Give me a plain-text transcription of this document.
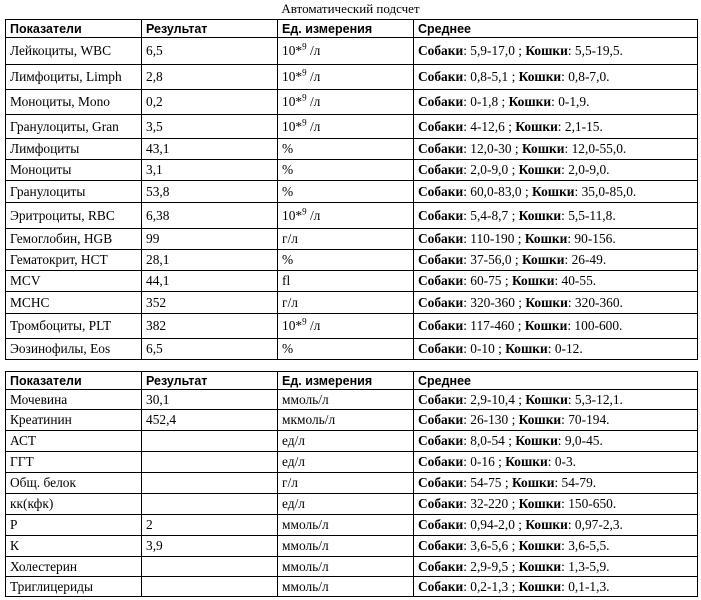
Автоматический подсчет
Показатели	Результат	Ед. измерения	Среднее
Лейкоциты, WBC	6,5	10*$^9$ /л	Собаки: 5,9-17,0 ; Кошки: 5,5-19,5.
Лимфоциты, Limph	2,8	10*$^9$ /л	Собаки: 0,8-5,1 ; Кошки: 0,8-7,0.
Моноциты, Mono	0,2	10*$^9$ /л	Собаки: 0-1,8 ; Кошки: 0-1,9.
Гранулоциты, Gran	3,5	10*$^9$ /л	Собаки: 4-12,6 ; Кошки: 2,1-15.
Лимфоциты	43,1	%	Собаки: 12,0-30 ; Кошки: 12,0-55,0.
Моноциты	3,1	%	Собаки: 2,0-9,0 ; Кошки: 2,0-9,0.
Гранулоциты	53,8	%	Собаки: 60,0-83,0 ; Кошки: 35,0-85,0.
Эритроциты, RBC	6,38	10*$^9$ /л	Собаки: 5,4-8,7 ; Кошки: 5,5-11,8.
Гемоглобин, HGB	99	г/л	Собаки: 110-190 ; Кошки: 90-156.
Гематокрит, HCT	28,1	%	Собаки: 37-56,0 ; Кошки: 26-49.
MCV	44,1	fl	Собаки: 60-75 ; Кошки: 40-55.
MCHC	352	г/л	Собаки: 320-360 ; Кошки: 320-360.
Тромбоциты, PLT	382	10*$^9$ /л	Собаки: 117-460 ; Кошки: 100-600.
Эозинофилы, Eos	6,5	%	Собаки: 0-10 ; Кошки: 0-12.
Показатели	Результат	Ед. измерения	Среднее
Мочевина	30,1	ммоль/л	Собаки: 2,9-10,4 ; Кошки: 5,3-12,1.
Креатинин	452,4	мкмоль/л	Собаки: 26-130 ; Кошки: 70-194.
АСТ		ед/л	Собаки: 8,0-54 ; Кошки: 9,0-45.
ГГТ		ед/л	Собаки: 0-16 ; Кошки: 0-3.
Общ. белок		г/л	Собаки: 54-75 ; Кошки: 54-79.
кк(кфк)		ед/л	Собаки: 32-220 ; Кошки: 150-650.
Р	2	ммоль/л	Собаки: 0,94-2,0 ; Кошки: 0,97-2,3.
К	3,9	ммоль/л	Собаки: 3,6-5,6 ; Кошки: 3,6-5,5.
Холестерин		ммоль/л	Собаки: 2,9-9,5 ; Кошки: 1,3-5,9.
Триглицериды		ммоль/л	Собаки: 0,2-1,3 ; Кошки: 0,1-1,3.
